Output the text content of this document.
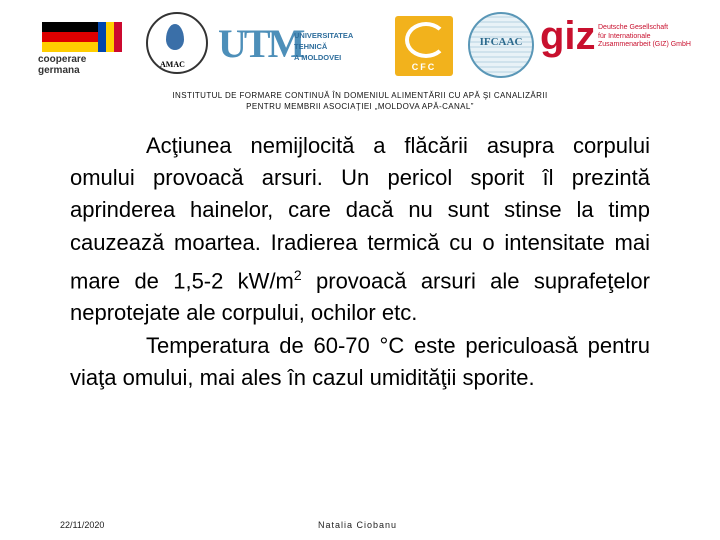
cooperare
germana
AMAC UTM
UNIVERSITATEA TEHNICĂ
A MOLDOVEI
CFC
IFCAAC giz Deutsche Gesellschaft
für Internationale
Zusammenarbeit (GIZ) GmbH
INSTITUTUL DE FORMARE CONTINUĂ ÎN DOMENIUL ALIMENTĂRII CU APĂ ŞI CANALIZĂRII
PENTRU MEMBRII ASOCIAŢIEI „MOLDOVA APĂ-CANAL”

Acţiunea nemijlocită a flăcării asupra corpului omului provoacă arsuri. Un pericol sporit îl prezintă aprinderea hainelor, care dacă nu sunt stinse la timp cauzează moartea. Iradierea termică cu o intensitate mai mare de 1,5-2 $kW/m^2$ provoacă arsuri ale suprafeţelor neprotejate ale corpului, ochilor etc.

Temperatura de 60-70 °C este periculoasă pentru viaţa omului, mai ales în cazul umidităţii sporite.

22/11/2020	Natalia Ciobanu
